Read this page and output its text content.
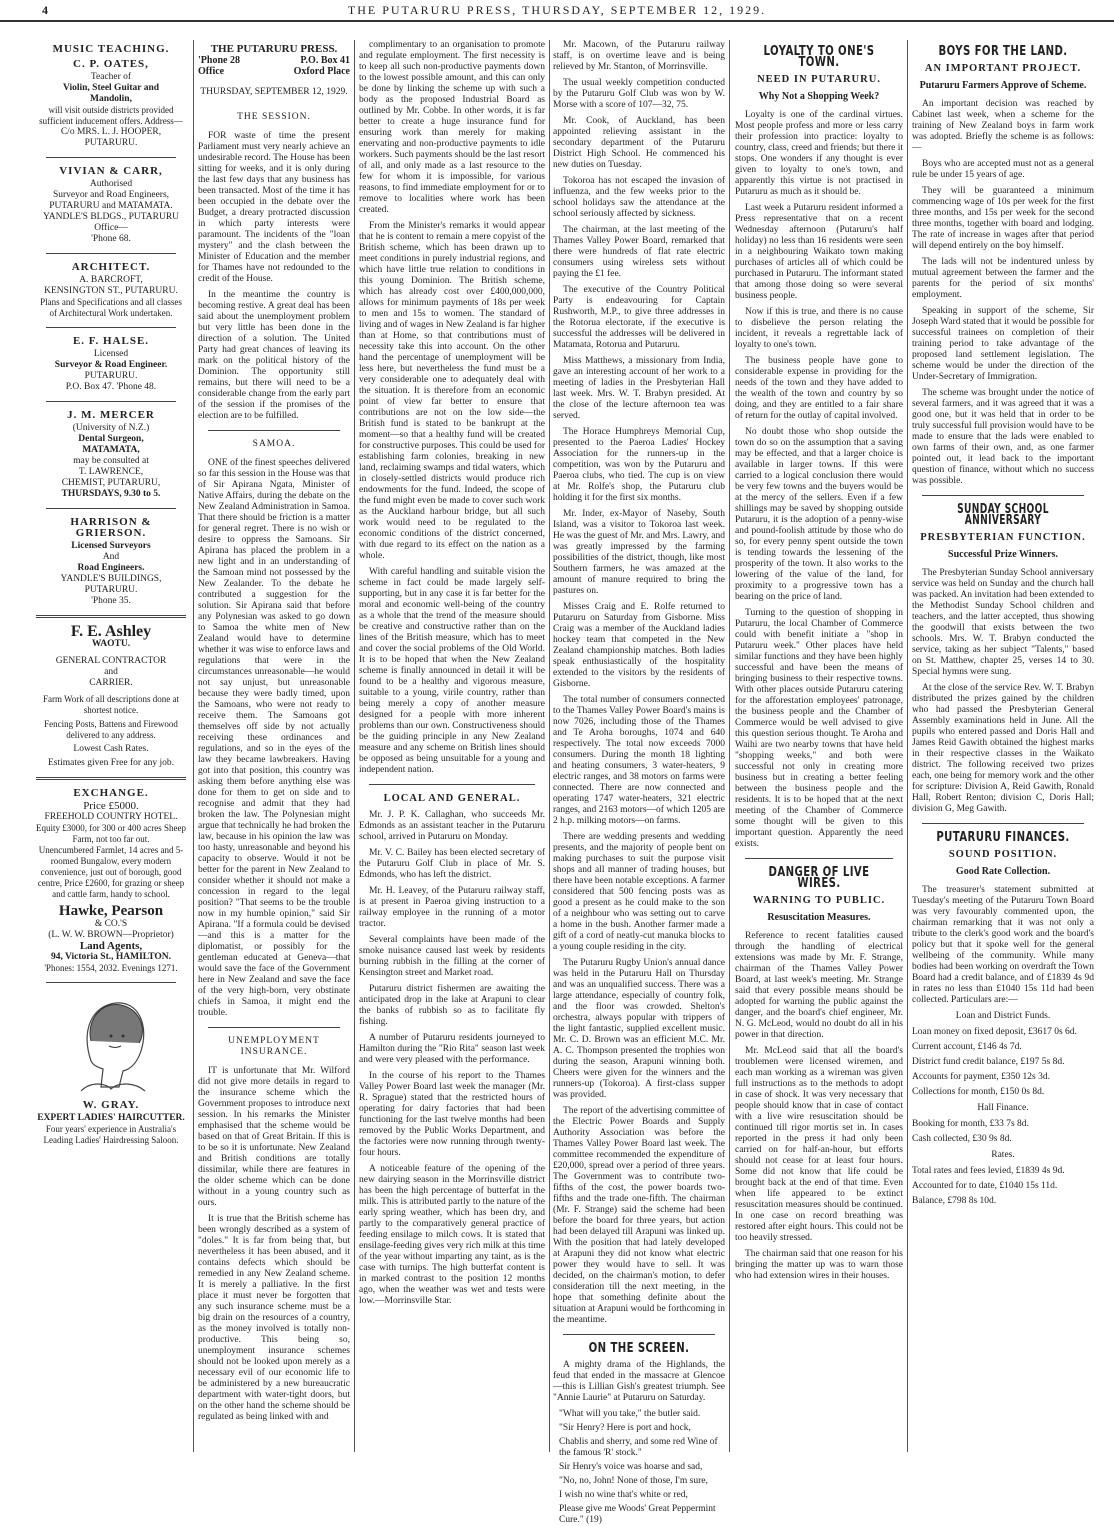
4	THE PUTARURU PRESS, THURSDAY, SEPTEMBER 12, 1929.
MUSIC TEACHING.
C. P. OATES,
Teacher of
Violin, Steel Guitar and
Mandolin,
will visit outside districts provided sufficient inducement offers. Address—
C/o MRS. L. J. HOOPER,
PUTARURU.
VIVIAN & CARR,
Authorised
Surveyor and Road Engineers,
PUTARURU and MATAMATA.
YANDLE'S BLDGS., PUTARURU
Office—
'Phone 68.
ARCHITECT.
A. BARCROFT,
KENSINGTON ST., PUTARURU.
Plans and Specifications and all classes of Architectural Work undertaken.
E. F. HALSE.
Licensed
Surveyor & Road Engineer.
PUTARURU.
P.O. Box 47. 'Phone 48.
J. M. MERCER
(University of N.Z.)
Dental Surgeon,
MATAMATA,
may be consulted at
T. LAWRENCE,
CHEMIST, PUTARURU,
THURSDAYS, 9.30 to 5.
HARRISON & GRIERSON.
Licensed Surveyors
And
Road Engineers.
YANDLE'S BUILDINGS,
PUTARURU.
'Phone 35.
F. E. Ashley
WAOTU.
GENERAL CONTRACTOR
and
CARRIER.
Farm Work of all descriptions done at shortest notice.
Fencing Posts, Battens and Firewood delivered to any address.
Lowest Cash Rates.
Estimates given Free for any job.
EXCHANGE.
Price £5000.
FREEHOLD COUNTRY HOTEL.
Equity £3000, for 300 or 400 acres Sheep Farm, not too far out.
Unencumbered Farmlet, 14 acres and 5-roomed Bungalow, every modern convenience, just out of borough, good centre, Price £2600, for grazing or sheep and cattle farm, handy to school.
Hawke, Pearson
& CO.'S
(L. W. W. BROWN—Proprietor)
Land Agents,
94, Victoria St., HAMILTON.
'Phones: 1554, 2032. Evenings 1271.
W. GRAY.
EXPERT LADIES' HAIRCUTTER.
Four years' experience in Australia's Leading Ladies' Hairdressing Saloon.
THE PUTARURU PRESS.
'Phone 28	P.O. Box 41
Office	Oxford Place
THURSDAY, SEPTEMBER 12, 1929.
THE SESSION.

FOR waste of time the present Parliament must very nearly achieve an undesirable record. The House has been sitting for weeks, and it is only during the last few days that any business has been transacted. Most of the time it has been occupied in the debate over the Budget, a dreary protracted discussion in which party interests were paramount. The incidents of the "loan mystery" and the clash between the Minister of Education and the member for Thames have not redounded to the credit of the House.

In the meantime the country is becoming restive. A great deal has been said about the unemployment problem but very little has been done in the direction of a solution. The United Party had great chances of leaving its mark on the political history of the Dominion. The opportunity still remains, but there will need to be a considerable change from the early part of the session if the promises of the election are to be fulfilled.

SAMOA.

ONE of the finest speeches delivered so far this session in the House was that of Sir Apirana Ngata, Minister of Native Affairs, during the debate on the New Zealand Administration in Samoa. That there should be friction is a matter for general regret. There is no wish or desire to oppress the Samoans. Sir Apirana has placed the problem in a new light and in an understanding of the Samoan mind not possessed by the New Zealander. To the debate he contributed a suggestion for the solution. Sir Apirana said that before any Polynesian was asked to go down to Samoa the white men of New Zealand would have to determine whether it was wise to enforce laws and regulations that were in the circumstances unreasonable—he would not say unjust, but unreasonable because they were badly timed, upon the Samoans, who were not ready to receive them. The Samoans got themselves off side by not actually receiving these ordinances and regulations, and so in the eyes of the law they became lawbreakers. Having got into that position, this country was asking them before anything else was done for them to get on side and to recognise and admit that they had broken the law. The Polynesian might argue that technically he had broken the law, because in his opinion the law was too hasty, unreasonable and beyond his capacity to observe. Would it not be better for the parent in New Zealand to consider whether it should not make a concession in regard to the legal position? "That seems to be the trouble now in my humble opinion," said Sir Apirana. "If a formula could be devised—and this is a matter for the diplomatist, or possibly for the gentleman educated at Geneva—that would save the face of the Government here in New Zealand and save the face of the very high-born, very obstinate chiefs in Samoa, it might end the trouble.

UNEMPLOYMENT INSURANCE.

IT is unfortunate that Mr. Wilford did not give more details in regard to the insurance scheme which the Government proposes to introduce next session. In his remarks the Minister emphasised that the scheme would be based on that of Great Britain. If this is to be so it is unfortunate. New Zealand and British conditions are totally dissimilar, while there are features in the older scheme which can be done without in a young country such as ours.

It is true that the British scheme has been wrongly described as a system of "doles." It is far from being that, but nevertheless it has been abused, and it contains defects which should be remedied in any New Zealand scheme. It is merely a palliative. In the first place it must never be forgotten that any such insurance scheme must be a big drain on the resources of a country, as the money involved is totally non-productive. This being so, unemployment insurance schemes should not be looked upon merely as a necessary evil of our economic life to be administered by a new bureaucratic department with water-tight doors, but on the other hand the scheme should be regulated as being linked with and

complimentary to an organisation to promote and regulate employment. The first necessity is to keep all such non-productive payments down to the lowest possible amount, and this can only be done by linking the scheme up with such a body as the proposed Industrial Board as outlined by Mr. Cobbe. In other words, it is far better to create a huge insurance fund for ensuring work than merely for making enervating and non-productive payments to idle workers. Such payments should be the last resort of all, and only made as a last resource to the few for whom it is impossible, for various reasons, to find immediate employment for or to remove to localities where work has been created.

From the Minister's remarks it would appear that he is content to remain a mere copyist of the British scheme, which has been drawn up to meet conditions in purely industrial regions, and which have little true relation to conditions in this young Dominion. The British scheme, which has already cost over £400,000,000, allows for minimum payments of 18s per week to men and 15s to women. The standard of living and of wages in New Zealand is far higher than at Home, so that contributions must of necessity take this into account. On the other hand the percentage of unemployment will be less here, but nevertheless the fund must be a very considerable one to adequately deal with the situation. It is therefore from an economic point of view far better to ensure that contributions are not on the low side—the British fund is stated to be bankrupt at the moment—so that a healthy fund will be created for constructive purposes. This could be used for establishing farm colonies, breaking in new land, reclaiming swamps and tidal waters, which in closely-settled districts would produce rich endowments for the fund. Indeed, the scope of the fund might even be made to cover such work as the Auckland harbour bridge, but all such work would need to be regulated to the economic conditions of the district concerned, with due regard to its effect on the nation as a whole.

With careful handling and suitable vision the scheme in fact could be made largely self-supporting, but in any case it is far better for the moral and economic well-being of the country as a whole that the trend of the measure should be creative and constructive rather than on the lines of the British measure, which has to meet and cover the social problems of the Old World. It is to be hoped that when the New Zealand scheme is finally announced in detail it will be found to be a healthy and vigorous measure, suitable to a young, virile country, rather than being merely a copy of another measure designed for a people with more inherent problems than our own. Constructiveness should be the guiding principle in any New Zealand measure and any scheme on British lines should be opposed as being unsuitable for a young and independent nation.

LOCAL AND GENERAL.

Mr. J. P. K. Callaghan, who succeeds Mr. Edmonds as an assistant teacher in the Putaruru school, arrived in Putaruru on Monday.

Mr. V. C. Bailey has been elected secretary of the Putaruru Golf Club in place of Mr. S. Edmonds, who has left the district.

Mr. H. Leavey, of the Putaruru railway staff, is at present in Paeroa giving instruction to a railway employee in the running of a motor tractor.

Several complaints have been made of the smoke nuisance caused last week by residents burning rubbish in the filling at the corner of Kensington street and Market road.

Putaruru district fishermen are awaiting the anticipated drop in the lake at Arapuni to clear the banks of rubbish so as to facilitate fly fishing.

A number of Putaruru residents journeyed to Hamilton during the "Rio Rita" season last week and were very pleased with the performance.

In the course of his report to the Thames Valley Power Board last week the manager (Mr. R. Sprague) stated that the restricted hours of operating for dairy factories that had been functioning for the last twelve months had been removed by the Public Works Department, and the factories were now running through twenty-four hours.

A noticeable feature of the opening of the new dairying season in the Morrinsville district has been the high percentage of butterfat in the milk. This is attributed partly to the nature of the early spring weather, which has been dry, and partly to the comparatively general practice of feeding ensilage to milch cows. It is stated that ensilage-feeding gives very rich milk at this time of the year without imparting any taint, as is the case with turnips. The high butterfat content is in marked contrast to the position 12 months ago, when the weather was wet and tests were low.—Morrinsville Star.

Mr. Macown, of the Putaruru railway staff, is on overtime leave and is being relieved by Mr. Stanton, of Morrinsville.

The usual weekly competition conducted by the Putaruru Golf Club was won by W. Morse with a score of 107—32, 75.

Mr. Cook, of Auckland, has been appointed relieving assistant in the secondary department of the Putaruru District High School. He commenced his new duties on Tuesday.

Tokoroa has not escaped the invasion of influenza, and the few weeks prior to the school holidays saw the attendance at the school seriously affected by sickness.

The chairman, at the last meeting of the Thames Valley Power Board, remarked that there were hundreds of flat rate electric consumers using wireless sets without paying the £1 fee.

The executive of the Country Political Party is endeavouring for Captain Rushworth, M.P., to give three addresses in the Rotorua electorate, if the executive is successful the addresses will be delivered in Matamata, Rotorua and Putaruru.

Miss Matthews, a missionary from India, gave an interesting account of her work to a meeting of ladies in the Presbyterian Hall last week. Mrs. W. T. Brabyn presided. At the close of the lecture afternoon tea was served.

The Horace Humphreys Memorial Cup, presented to the Paeroa Ladies' Hockey Association for the runners-up in the competition, was won by the Putaruru and Paeroa clubs, who tied. The cup is on view at Mr. Rolfe's shop, the Putaruru club holding it for the first six months.

Mr. Inder, ex-Mayor of Naseby, South Island, was a visitor to Tokoroa last week. He was the guest of Mr. and Mrs. Lawry, and was greatly impressed by the farming possibilities of the district, though, like most Southern farmers, he was amazed at the amount of manure required to bring the pastures on.

Misses Craig and E. Rolfe returned to Putaruru on Saturday from Gisborne. Miss Craig was a member of the Auckland ladies hockey team that competed in the New Zealand championship matches. Both ladies speak enthusiastically of the hospitality extended to the visitors by the residents of Gisborne.

The total number of consumers connected to the Thames Valley Power Board's mains is now 7026, including those of the Thames and Te Aroha boroughs, 1074 and 640 respectively. The total now exceeds 7000 consumers. During the month 18 lighting and heating consumers, 3 water-heaters, 9 electric ranges, and 38 motors on farms were connected. There are now connected and operating 1747 water-heaters, 321 electric ranges, and 2163 motors—of which 1205 are 2 h.p. milking motors—on farms.

There are wedding presents and wedding presents, and the majority of people bent on making purchases to suit the purpose visit shops and all manner of trading houses, but there have been notable exceptions. A farmer considered that 500 fencing posts was as good a present as he could make to the son of a neighbour who was setting out to carve a home in the bush. Another farmer made a gift of a cord of neatly-cut manuka blocks to a young couple residing in the city.

The Putaruru Rugby Union's annual dance was held in the Putaruru Hall on Thursday and was an unqualified success. There was a large attendance, especially of country folk, and the floor was crowded. Shelton's orchestra, always popular with trippers of the light fantastic, supplied excellent music. Mr. C. D. Brown was an efficient M.C. Mr. A. C. Thompson presented the trophies won during the season, Arapuni winning both. Cheers were given for the winners and the runners-up (Tokoroa). A first-class supper was provided.

The report of the advertising committee of the Electric Power Boards and Supply Authority Association was before the Thames Valley Power Board last week. The committee recommended the expenditure of £20,000, spread over a period of three years. The Government was to contribute two-fifths of the cost, the power boards two-fifths and the trade one-fifth. The chairman (Mr. F. Strange) said the scheme had been before the board for three years, but action had been delayed till Arapuni was linked up. With the position that had lately developed at Arapuni they did not know what electric power they would have to sell. It was decided, on the chairman's motion, to defer consideration till the next meeting, in the hope that something definite about the situation at Arapuni would be forthcoming in the meantime.

ON THE SCREEN.

A mighty drama of the Highlands, the feud that ended in the massacre at Glencoe—this is Lillian Gish's greatest triumph. See "Annie Laurie" at Putaruru on Saturday.

"What will you take," the butler said.
"Sir Henry? Here is port and hock,
Chablis and sherry, and some red Wine of the famous 'R' stock."
Sir Henry's voice was hoarse and sad,
"No, no, John! None of those, I'm sure,
I wish no wine that's white or red,
Please give me Woods' Great Peppermint Cure." (19)
LOYALTY TO ONE'S TOWN.
NEED IN PUTARURU.
Why Not a Shopping Week?

Loyalty is one of the cardinal virtues. Most people profess and more or less carry their profession into practice: loyalty to country, class, creed and friends; but there it stops. One wonders if any thought is ever given to loyalty to one's town, and apparently this virtue is not practised in Putaruru as much as it should be.

Last week a Putaruru resident informed a Press representative that on a recent Wednesday afternoon (Putaruru's half holiday) no less than 16 residents were seen in a neighbouring Waikato town making purchases of articles all of which could be purchased in Putaruru. The informant stated that among those doing so were several business people.

Now if this is true, and there is no cause to disbelieve the person relating the incident, it reveals a regrettable lack of loyalty to one's town.

The business people have gone to considerable expense in providing for the needs of the town and they have added to the wealth of the town and country by so doing, and they are entitled to a fair share of return for the outlay of capital involved.

No doubt those who shop outside the town do so on the assumption that a saving may be effected, and that a larger choice is available in larger towns. If this were carried to a logical conclusion there would be very few towns and the buyers would be at the mercy of the sellers. Even if a few shillings may be saved by shopping outside Putaruru, it is the adoption of a penny-wise and pound-foolish attitude by those who do so, for every penny spent outside the town is tending towards the lessening of the prosperity of the town. It also works to the lowering of the value of the land, for proximity to a progressive town has a bearing on the price of land.

Turning to the question of shopping in Putaruru, the local Chamber of Commerce could with benefit initiate a "shop in Putaruru week." Other places have held similar functions and they have been highly successful and have been the means of bringing business to their respective towns. With other places outside Putaruru catering for the afforestation employees' patronage, the business people and the Chamber of Commerce would be well advised to give this question serious thought. Te Aroha and Waihi are two nearby towns that have held "shopping weeks," and both were successful not only in creating more business but in creating a better feeling between the business people and the residents. It is to be hoped that at the next meeting of the Chamber of Commerce some thought will be given to this important question. Apparently the need exists.

DANGER OF LIVE WIRES.
WARNING TO PUBLIC.
Resuscitation Measures.

Reference to recent fatalities caused through the handling of electrical extensions was made by Mr. F. Strange, chairman of the Thames Valley Power Board, at last week's meeting. Mr. Strange said that every possible means should be adopted for warning the public against the danger, and the board's chief engineer, Mr. N. G. McLeod, would no doubt do all in his power in that direction.

Mr. McLeod said that all the board's troublemen were licensed wiremen, and each man working as a wireman was given full instructions as to the methods to adopt in case of shock. It was very necessary that people should know that in case of contact with a live wire resuscitation should be continued till rigor mortis set in. In cases reported in the press it had only been carried on for half-an-hour, but efforts should not cease for at least four hours. Some did not know that life could be brought back at the end of that time. Even when life appeared to be extinct resuscitation measures should be continued. In one case on record breathing was restored after eight hours. This could not be too heavily stressed.

The chairman said that one reason for his bringing the matter up was to warn those who had extension wires in their houses.

BOYS FOR THE LAND.
AN IMPORTANT PROJECT.
Putaruru Farmers Approve of Scheme.

An important decision was reached by Cabinet last week, when a scheme for the training of New Zealand boys in farm work was adopted. Briefly the scheme is as follows:—

Boys who are accepted must not as a general rule be under 15 years of age.

They will be guaranteed a minimum commencing wage of 10s per week for the first three months, and 15s per week for the second three months, together with board and lodging. The rate of increase in wages after that period will depend entirely on the boy himself.

The lads will not be indentured unless by mutual agreement between the farmer and the parents for the period of six months' employment.

Speaking in support of the scheme, Sir Joseph Ward stated that it would be possible for successful trainees on completion of their training period to take advantage of the proposed land settlement legislation. The scheme would be under the direction of the Under-Secretary of Immigration.

The scheme was brought under the notice of several farmers, and it was agreed that it was a good one, but it was held that in order to be truly successful full provision would have to be made to ensure that the lads were enabled to own farms of their own, and, as one farmer pointed out, it lead back to the important question of finance, without which no success was possible.

SUNDAY SCHOOL ANNIVERSARY
PRESBYTERIAN FUNCTION.
Successful Prize Winners.

The Presbyterian Sunday School anniversary service was held on Sunday and the church hall was packed. An invitation had been extended to the Methodist Sunday School children and teachers, and the latter accepted, thus showing the goodwill that exists between the two schools. Mrs. W. T. Brabyn conducted the service, taking as her subject "Talents," based on St. Matthew, chapter 25, verses 14 to 30. Special hymns were sung.

At the close of the service Rev. W. T. Brabyn distributed the prizes gained by the children who had passed the Presbyterian General Assembly examinations held in June. All the pupils who entered passed and Doris Hall and James Reid Gawith obtained the highest marks in their respective classes in the Waikato district. The following received two prizes each, one being for memory work and the other for scripture: Division A, Reid Gawith, Ronald Hall, Robert Renton; division C, Doris Hall; division G, Meg Gawith.

PUTARURU FINANCES.
SOUND POSITION.
Good Rate Collection.

The treasurer's statement submitted at Tuesday's meeting of the Putaruru Town Board was very favourably commented upon, the chairman remarking that it was not only a tribute to the clerk's good work and the board's policy but that it spoke well for the general wellbeing of the community. While many bodies had been working on overdraft the Town Board had a credit balance, and of £1839 4s 9d in rates no less than £1040 15s 11d had been collected. Particulars are:—

Loan and District Funds.
Loan money on fixed deposit, £3617 0s 6d.
Current account, £146 4s 7d.
District fund credit balance, £197 5s 8d.
Accounts for payment, £350 12s 3d.
Collections for month, £150 0s 8d.
Hall Finance.
Booking for month, £33 7s 8d.
Cash collected, £30 9s 8d.
Rates.
Total rates and fees levied, £1839 4s 9d.
Accounted for to date, £1040 15s 11d.
Balance, £798 8s 10d.
